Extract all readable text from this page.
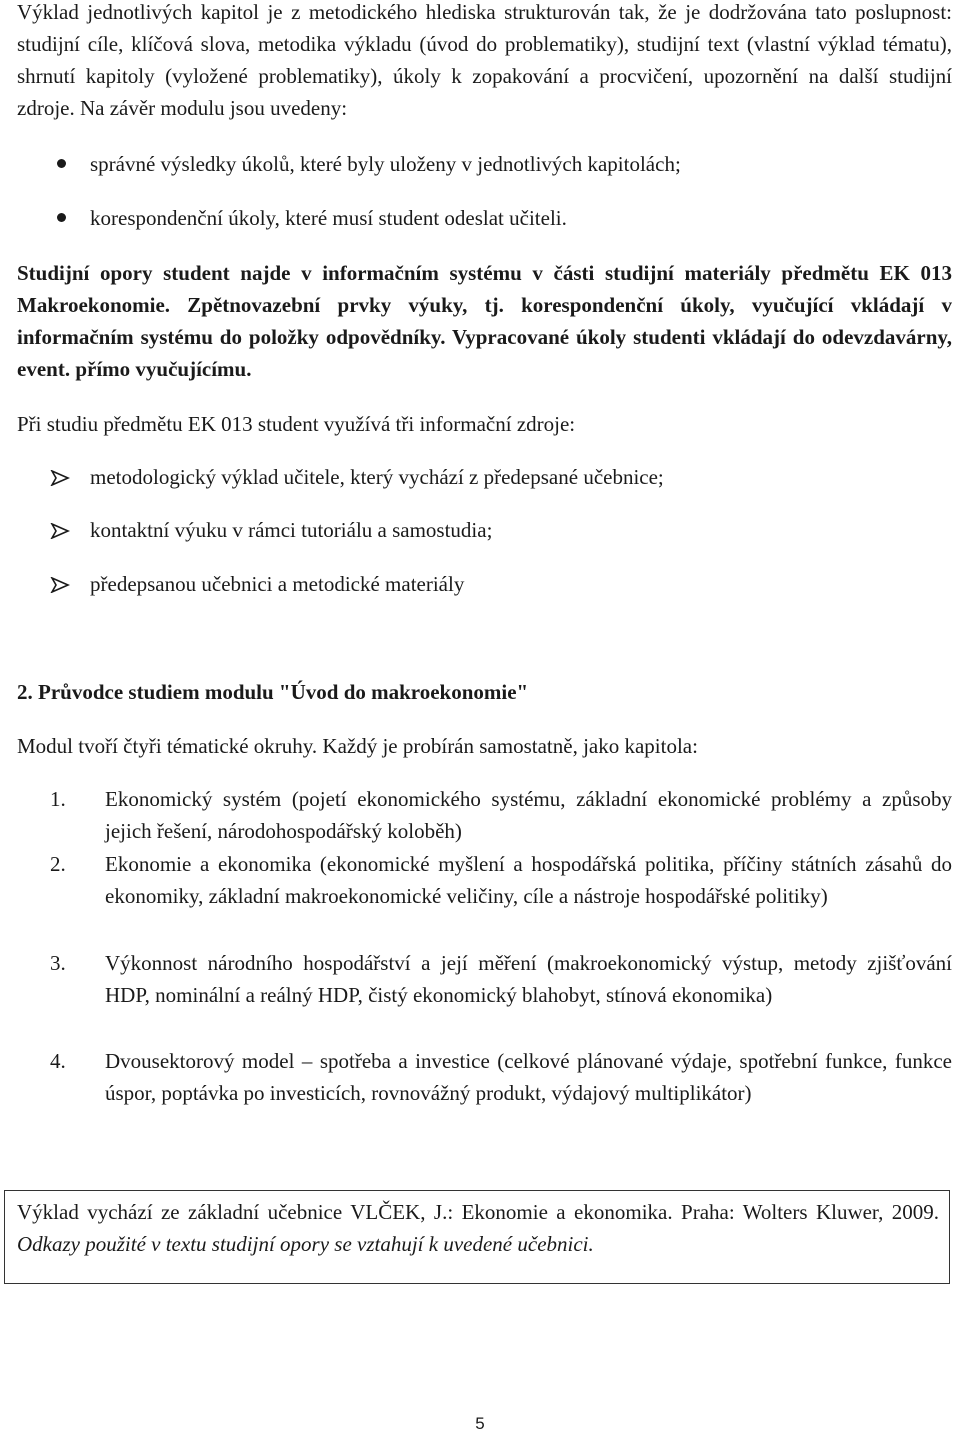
Výklad jednotlivých kapitol je z metodického hlediska strukturován tak, že je dodržována tato poslupnost: studijní cíle, klíčová slova, metodika výkladu (úvod do problematiky), studijní text (vlastní výklad tématu), shrnutí kapitoly (vyložené problematiky), úkoly k zopakování a procvičení, upozornění na další studijní zdroje. Na závěr modulu jsou uvedeny:

správné výsledky úkolů, které byly uloženy v jednotlivých kapitolách;
korespondenční úkoly, které musí student odeslat učiteli.

Studijní opory student najde v informačním systému v části studijní materiály předmětu EK 013 Makroekonomie. Zpětnovazební prvky výuky, tj. korespondenční úkoly, vyučující vkládají v informačním systému do položky odpovědníky. Vypracované úkoly studenti vkládají do odevzdavárny, event. přímo vyučujícímu.

Při studiu předmětu EK 013 student využívá tři informační zdroje:
metodologický výklad učitele, který vychází z předepsané učebnice;
kontaktní výuku v rámci tutoriálu a samostudia;
předepsanou učebnici a metodické materiály
2. Průvodce studiem modulu "Úvod do makroekonomie"
Modul tvoří čtyři tématické okruhy. Každý je probírán samostatně, jako kapitola:
1. Ekonomický systém (pojetí ekonomického systému, základní ekonomické problémy a způsoby jejich řešení, národohospodářský koloběh)
2. Ekonomie a ekonomika (ekonomické myšlení a hospodářská politika, příčiny státních zásahů do ekonomiky, základní makroekonomické veličiny, cíle a nástroje hospodářské politiky)
3. Výkonnost národního hospodářství a její měření (makroekonomický výstup, metody zjišťování HDP, nominální a reálný HDP, čistý ekonomický blahobyt, stínová ekonomika)
4. Dvousektorový model – spotřeba a investice (celkové plánované výdaje, spotřební funkce, funkce úspor, poptávka po investicích, rovnovážný produkt, výdajový multiplikátor)
Výklad vychází ze základní učebnice VLČEK, J.: Ekonomie a ekonomika. Praha: Wolters Kluwer, 2009. Odkazy použité v textu studijní opory se vztahují k uvedené učebnici.
5
